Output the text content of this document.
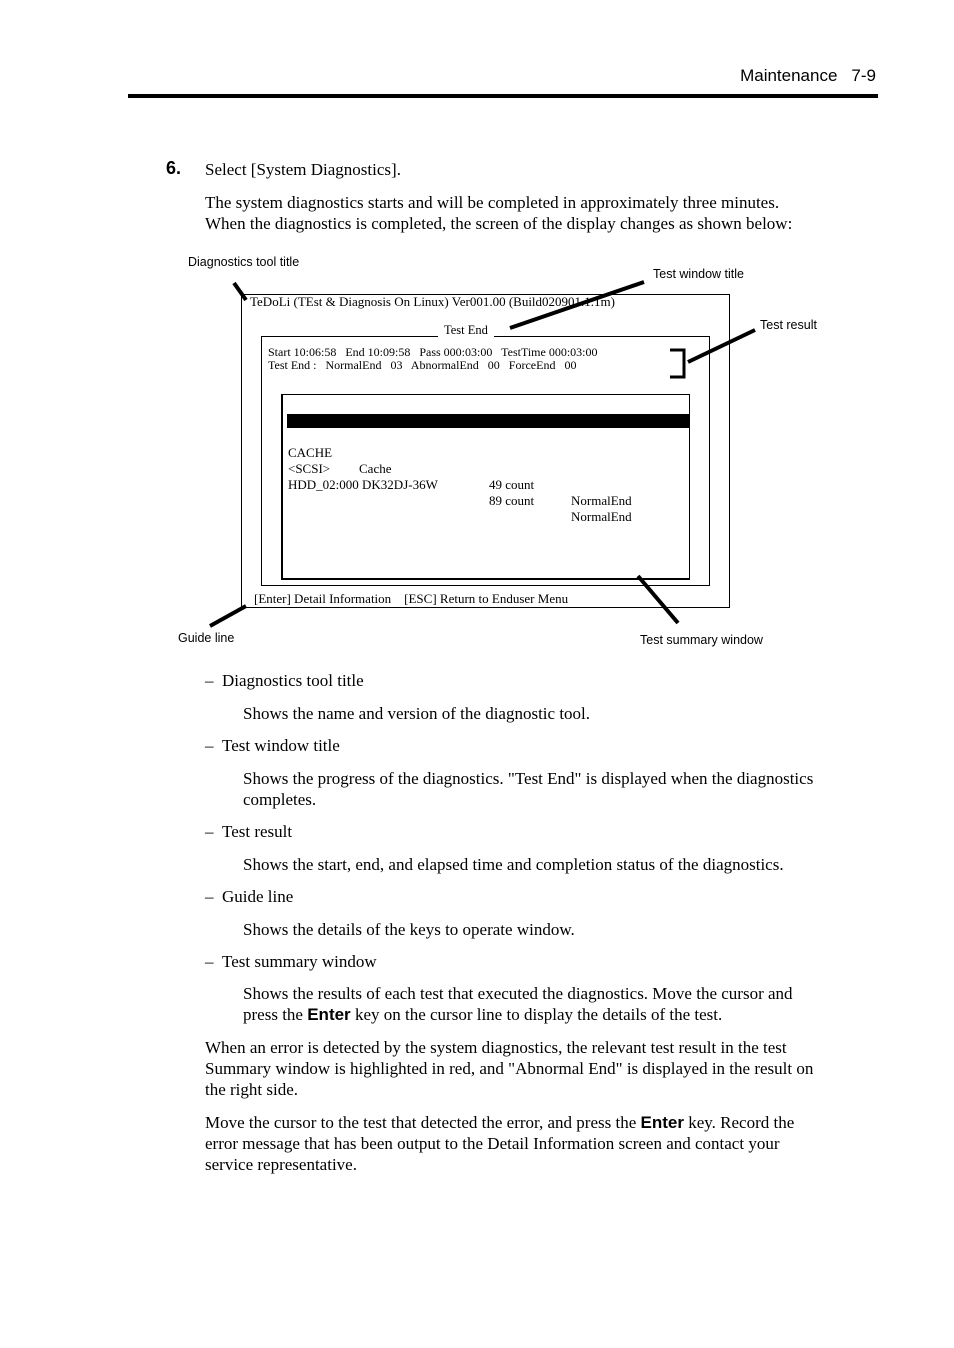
Maintenance 7-9
6. Select [System Diagnostics].
The system diagnostics starts and will be completed in approximately three minutes.
When the diagnostics is completed, the screen of the display changes as shown below:
Diagnostics tool title
Test window title
Test result
Guide line	Test summary window
TeDoLi (TEst & Diagnosis On Linux) Ver001.00 (Build020901.1.1m)
Test End
Start 10:06:58   End 10:09:58   Pass 000:03:00   TestTime 000:03:00
Test End :   NormalEnd   03   AbnormalEnd   00   ForceEnd   00

<System>

MEM

Memory

16 count

NormalEnd

CACHE

Cache

49 count

NormalEnd

<SCSI>

HDD_02:000 DK32DJ-36W

89 count

NormalEnd

[Enter] Detail Information    [ESC] Return to Enduser Menu
– Diagnostics tool title
Shows the name and version of the diagnostic tool.
– Test window title
Shows the progress of the diagnostics. "Test End" is displayed when the diagnostics
completes.
– Test result
Shows the start, end, and elapsed time and completion status of the diagnostics.
– Guide line
Shows the details of the keys to operate window.
– Test summary window
Shows the results of each test that executed the diagnostics. Move the cursor and
press the Enter key on the cursor line to display the details of the test.
When an error is detected by the system diagnostics, the relevant test result in the test
Summary window is highlighted in red, and "Abnormal End" is displayed in the result on
the right side.
Move the cursor to the test that detected the error, and press the Enter key. Record the
error message that has been output to the Detail Information screen and contact your
service representative.
